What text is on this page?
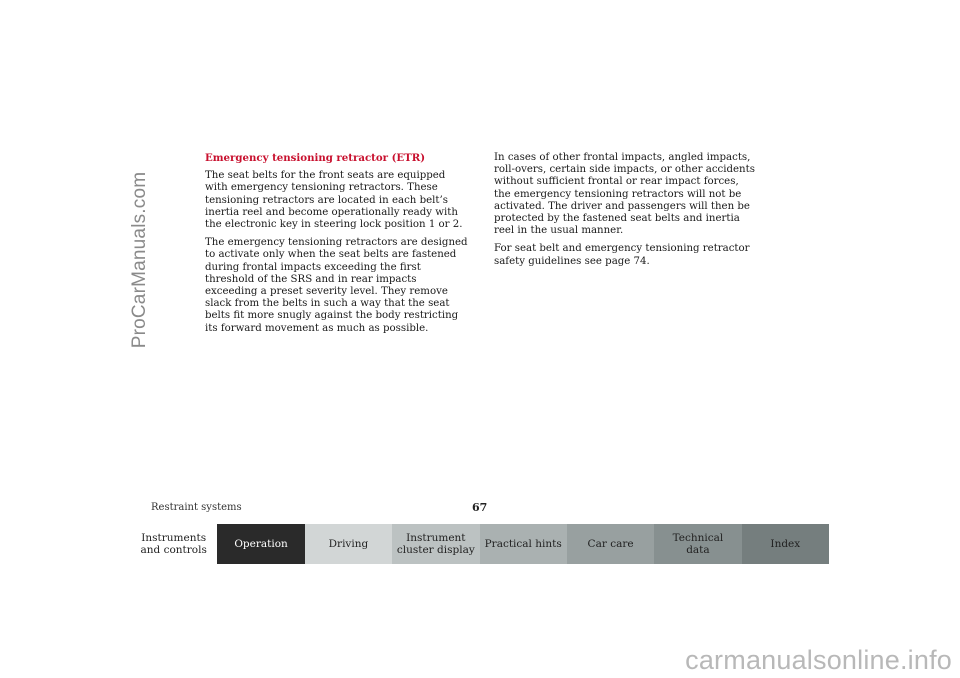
ProCarManuals.com
Emergency tensioning retractor (ETR)

The seat belts for the front seats are equipped with emergency tensioning retractors. These tensioning retractors are located in each belt’s inertia reel and become operationally ready with the electronic key in steering lock position 1 or 2.

The emergency tensioning retractors are designed to activate only when the seat belts are fastened during frontal impacts exceeding the first threshold of the SRS and in rear impacts exceeding a preset severity level. They remove slack from the belts in such a way that the seat belts fit more snugly against the body restricting its forward movement as much as possible.

In cases of other frontal impacts, angled impacts, roll-overs, certain side impacts, or other accidents without sufficient frontal or rear impact forces, the emergency tensioning retractors will not be activated. The driver and passengers will then be protected by the fastened seat belts and inertia reel in the usual manner.

For seat belt and emergency tensioning retractor safety guidelines see page 74.

Restraint systems	67
Instruments
and controls	Operation	Driving	Instrument
cluster display Practical hints	Car care	Technical
data	Index
carmanualsonline.info
